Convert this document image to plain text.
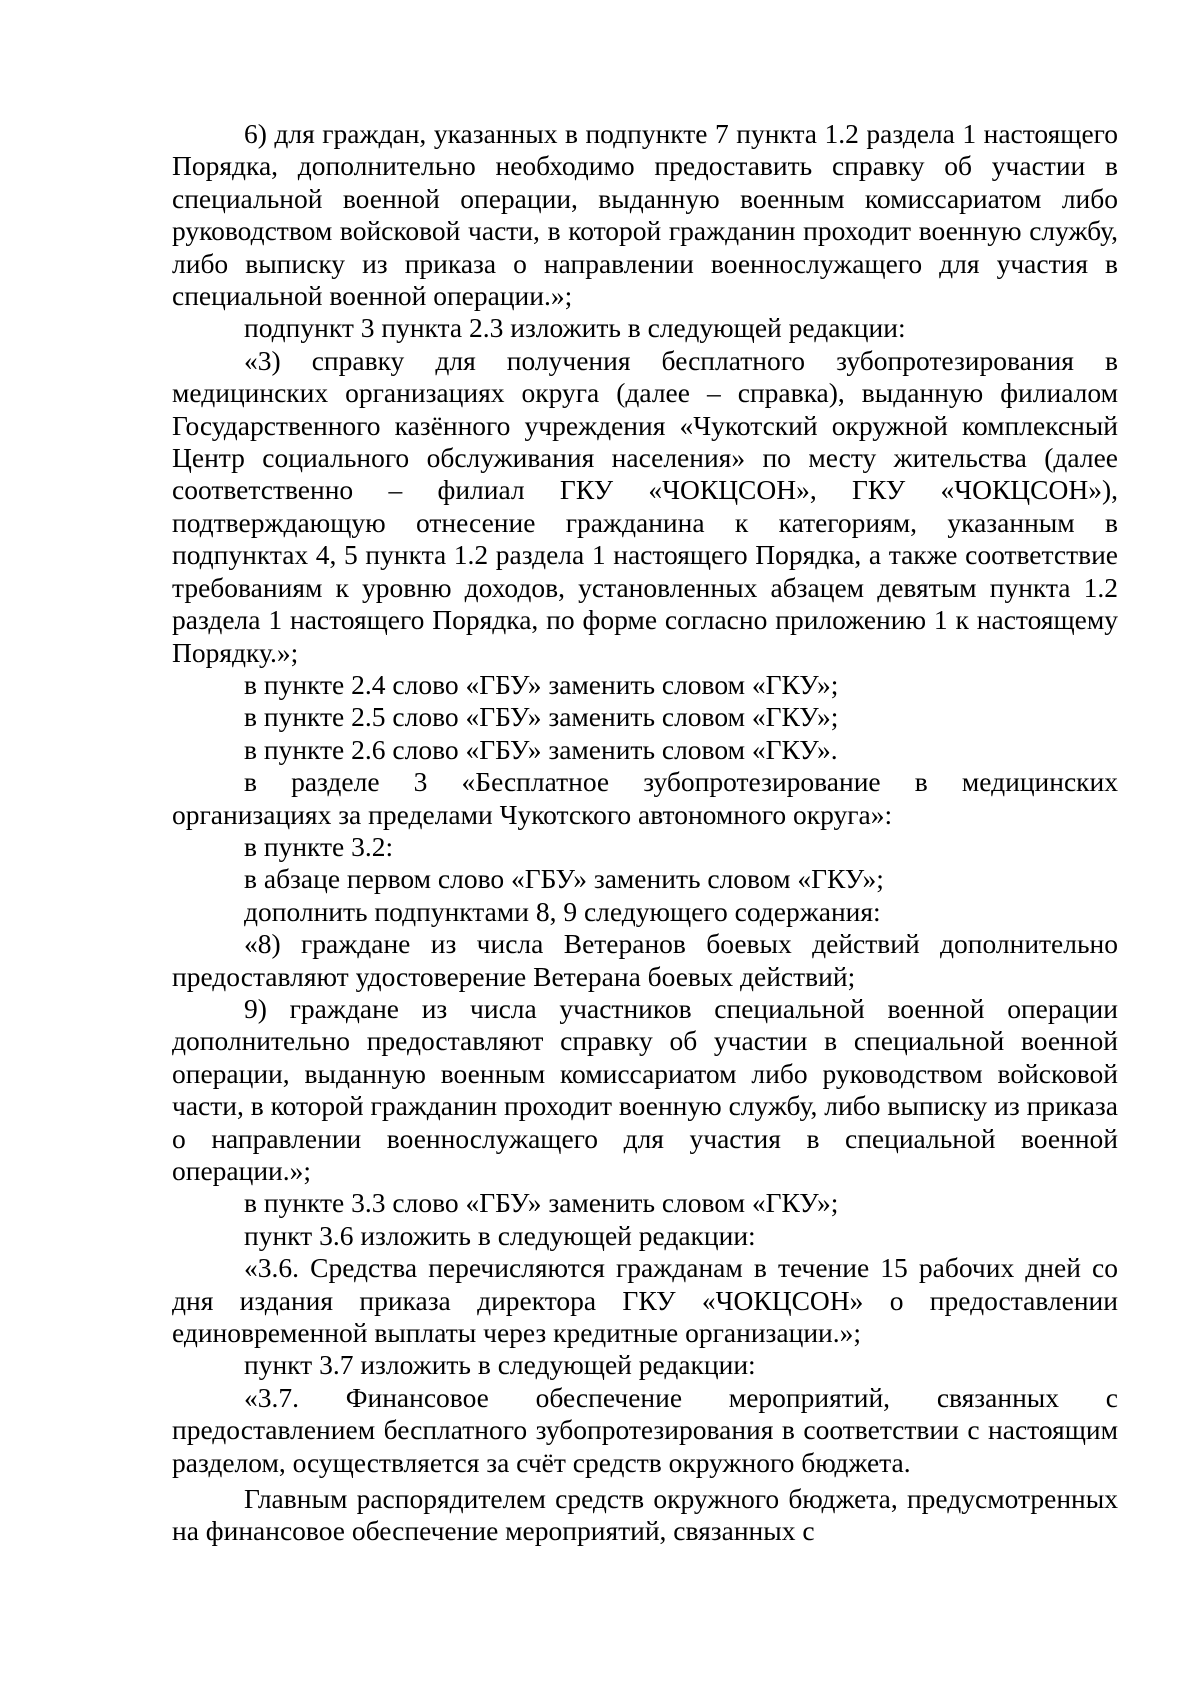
6) для граждан, указанных в подпункте 7 пункта 1.2 раздела 1 настоящего Порядка, дополнительно необходимо предоставить справку об участии в специальной военной операции, выданную военным комиссариатом либо руководством войсковой части, в которой гражданин проходит военную службу, либо выписку из приказа о направлении военнослужащего для участия в специальной военной операции.»;

подпункт 3 пункта 2.3 изложить в следующей редакции:

«3) справку для получения бесплатного зубопротезирования в медицинских организациях округа (далее – справка), выданную филиалом Государственного казённого учреждения «Чукотский окружной комплексный Центр социального обслуживания населения» по месту жительства (далее соответственно – филиал ГКУ «ЧОКЦСОН», ГКУ «ЧОКЦСОН»), подтверждающую отнесение гражданина к категориям, указанным в подпунктах 4, 5 пункта 1.2 раздела 1 настоящего Порядка, а также соответствие требованиям к уровню доходов, установленных абзацем девятым пункта 1.2 раздела 1 настоящего Порядка, по форме согласно приложению 1 к настоящему Порядку.»;

в пункте 2.4 слово «ГБУ» заменить словом «ГКУ»;

в пункте 2.5 слово «ГБУ» заменить словом «ГКУ»;

в пункте 2.6 слово «ГБУ» заменить словом «ГКУ».

в разделе 3 «Бесплатное зубопротезирование в медицинских организациях за пределами Чукотского автономного округа»:

в пункте 3.2:

в абзаце первом слово «ГБУ» заменить словом «ГКУ»;

дополнить подпунктами 8, 9 следующего содержания:

«8) граждане из числа Ветеранов боевых действий дополнительно предоставляют удостоверение Ветерана боевых действий;

9) граждане из числа участников специальной военной операции дополнительно предоставляют справку об участии в специальной военной операции, выданную военным комиссариатом либо руководством войсковой части, в которой гражданин проходит военную службу, либо выписку из приказа о направлении военнослужащего для участия в специальной военной операции.»;

в пункте 3.3 слово «ГБУ» заменить словом «ГКУ»;

пункт 3.6 изложить в следующей редакции:

«3.6. Средства перечисляются гражданам в течение 15 рабочих дней со дня издания приказа директора ГКУ «ЧОКЦСОН» о предоставлении единовременной выплаты через кредитные организации.»;

пункт 3.7 изложить в следующей редакции:

«3.7. Финансовое обеспечение мероприятий, связанных с предоставлением бесплатного зубопротезирования в соответствии с настоящим разделом, осуществляется за счёт средств окружного бюджета.

Главным распорядителем средств окружного бюджета, предусмотренных на финансовое обеспечение мероприятий, связанных с
